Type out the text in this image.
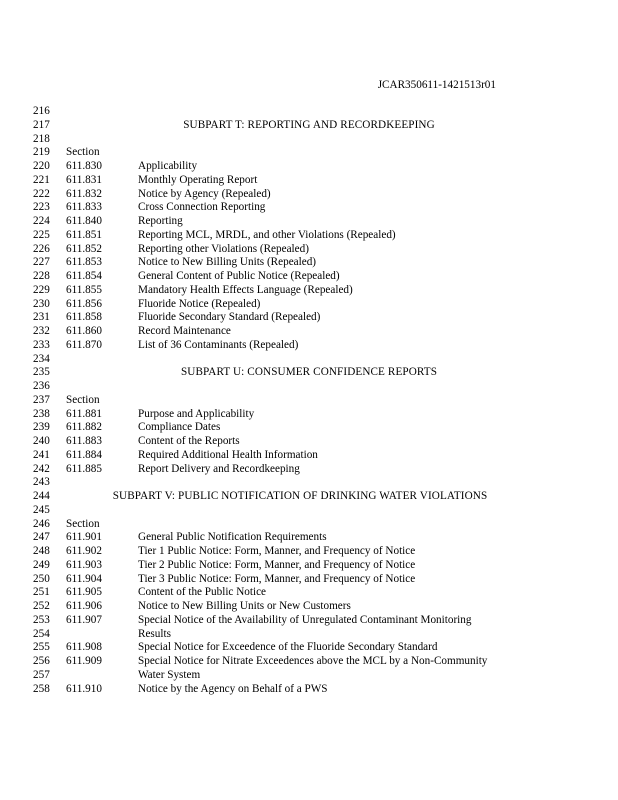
JCAR350611-1421513r01
216
217	SUBPART T: REPORTING AND RECORDKEEPING
218
219 Section
220 611.830	Applicability
221 611.831	Monthly Operating Report
222 611.832	Notice by Agency (Repealed)
223 611.833	Cross Connection Reporting
224 611.840	Reporting
225 611.851	Reporting MCL, MRDL, and other Violations (Repealed)
226 611.852	Reporting other Violations (Repealed)
227 611.853	Notice to New Billing Units (Repealed)
228 611.854	General Content of Public Notice (Repealed)
229 611.855	Mandatory Health Effects Language (Repealed)
230 611.856	Fluoride Notice (Repealed)
231 611.858	Fluoride Secondary Standard (Repealed)
232 611.860	Record Maintenance
233 611.870	List of 36 Contaminants (Repealed)
234
235	SUBPART U: CONSUMER CONFIDENCE REPORTS
236
237 Section
238 611.881	Purpose and Applicability
239 611.882	Compliance Dates
240 611.883	Content of the Reports
241 611.884	Required Additional Health Information
242 611.885	Report Delivery and Recordkeeping
243
244	SUBPART V: PUBLIC NOTIFICATION OF DRINKING WATER VIOLATIONS
245
246 Section
247 611.901	General Public Notification Requirements
248 611.902	Tier 1 Public Notice: Form, Manner, and Frequency of Notice
249 611.903	Tier 2 Public Notice: Form, Manner, and Frequency of Notice
250 611.904	Tier 3 Public Notice: Form, Manner, and Frequency of Notice
251 611.905	Content of the Public Notice
252 611.906	Notice to New Billing Units or New Customers
253 611.907	Special Notice of the Availability of Unregulated Contaminant Monitoring
254	Results
255 611.908	Special Notice for Exceedence of the Fluoride Secondary Standard
256 611.909	Special Notice for Nitrate Exceedences above the MCL by a Non-Community
257	Water System
258 611.910	Notice by the Agency on Behalf of a PWS
